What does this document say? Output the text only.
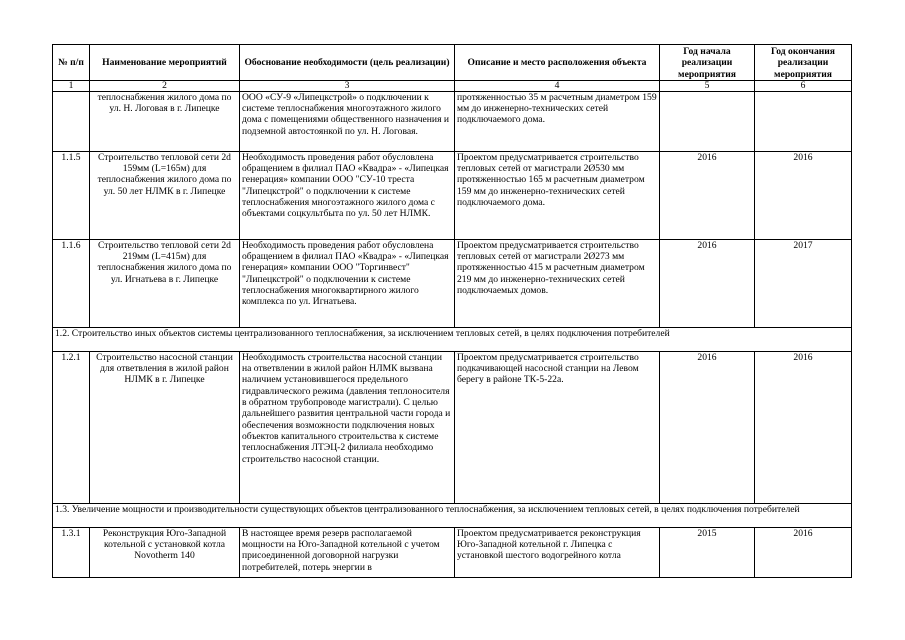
№ п/п	Наименование мероприятий	Обоснование необходимости (цель реализации)	Описание и место расположения объекта	Год начала реализации мероприятия	Год окончания реализации мероприятия
1	2	3	4	5	6
	теплоснабжения жилого дома по ул. Н. Логовая в г. Липецке	ООО «СУ-9 «Липецкстрой» о подключении к системе теплоснабжения многоэтажного жилого дома с помещениями общественного назначения и подземной автостоянкой по ул. Н. Логовая.	протяженностью 35 м расчетным диаметром 159 мм до инженерно-технических сетей подключаемого дома.		
1.1.5	Строительство тепловой сети 2d 159мм (L=165м) для теплоснабжения жилого дома по ул. 50 лет НЛМК в г. Липецке	Необходимость проведения работ обусловлена обращением в филиал ПАО «Квадра» - «Липецкая генерация» компании ООО "СУ-10 треста "Липецкстрой" о подключении к системе теплоснабжения многоэтажного жилого дома с объектами соцкультбыта по ул. 50 лет НЛМК.	Проектом предусматривается строительство тепловых сетей от магистрали 2Ø530 мм протяженностью 165 м расчетным диаметром 159 мм до инженерно-технических сетей подключаемого дома.	2016	2016
1.1.6	Строительство тепловой сети 2d 219мм (L=415м) для теплоснабжения жилого дома по ул. Игнатьева в г. Липецке	Необходимость проведения работ обусловлена обращением в филиал ПАО «Квадра» - «Липецкая генерация» компании ООО "Торгинвест" "Липецкстрой" о подключении к системе теплоснабжения многоквартирного жилого комплекса по ул. Игнатьева.	Проектом предусматривается строительство тепловых сетей от магистрали 2Ø273 мм протяженностью 415 м расчетным диаметром 219 мм до инженерно-технических сетей подключаемых домов.	2016	2017
1.2. Строительство иных объектов системы централизованного теплоснабжения, за исключением тепловых сетей, в целях подключения потребителей					
1.2.1	Строительство насосной станции для ответвления в жилой район НЛМК в г. Липецке	Необходимость строительства насосной станции на ответвлении в жилой район НЛМК вызвана наличием установившегося предельного гидравлического режима (давления теплоносителя в обратном трубопроводе магистрали). С целью дальнейшего развития центральной части города и обеспечения возможности подключения новых объектов капитального строительства к системе теплоснабжения ЛТЭЦ-2 филиала необходимо строительство насосной станции.	Проектом предусматривается строительство подкачивающей насосной станции на Левом берегу в районе ТК-5-22а.	2016	2016
1.3. Увеличение мощности и производительности существующих объектов централизованного теплоснабжения, за исключением тепловых сетей, в целях подключения потребителей					
1.3.1	Реконструкция Юго-Западной котельной с установкой котла Novotherm 140	В настоящее время резерв располагаемой мощности на Юго-Западной котельной с учетом присоединенной договорной нагрузки потребителей, потерь энергии в	Проектом предусматривается реконструкция Юго-Западной котельной г. Липецка с установкой шестого водогрейного котла	2015	2016
